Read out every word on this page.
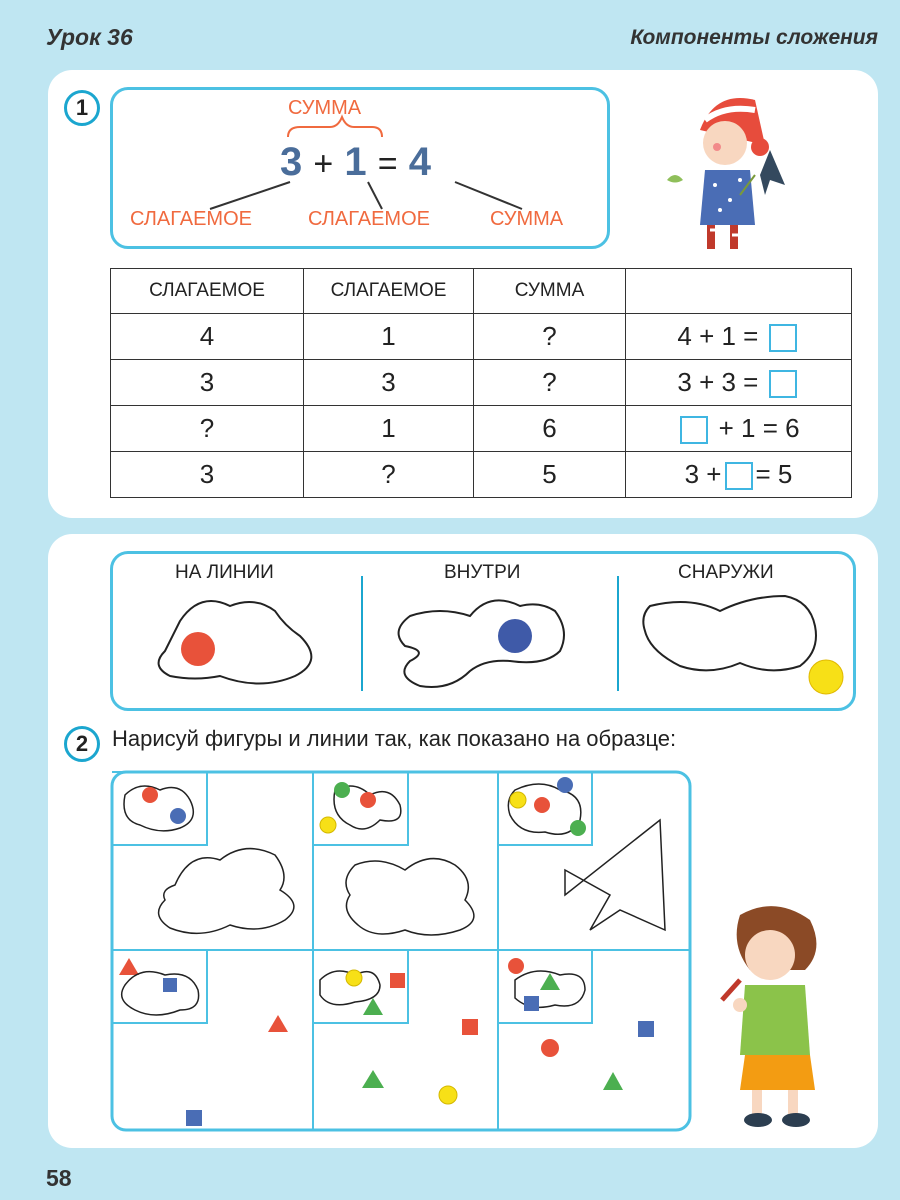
Урок 36	Компоненты сложения
1	СУММА
3 + 1 = 4
СЛАГАЕМОЕ	СЛАГАЕМОЕ	СУММА
СЛАГАЕМОЕ	СЛАГАЕМОЕ	СУММА	
4	1	?	4 + 1 =
3	3	?	3 + 3 =
?	1	6	+ 1 = 6
3	?	5	3 + = 5
НА ЛИНИИ	ВНУТРИ	СНАРУЖИ
2	Нарисуй фигуры и линии так, как показано на образце:
58
